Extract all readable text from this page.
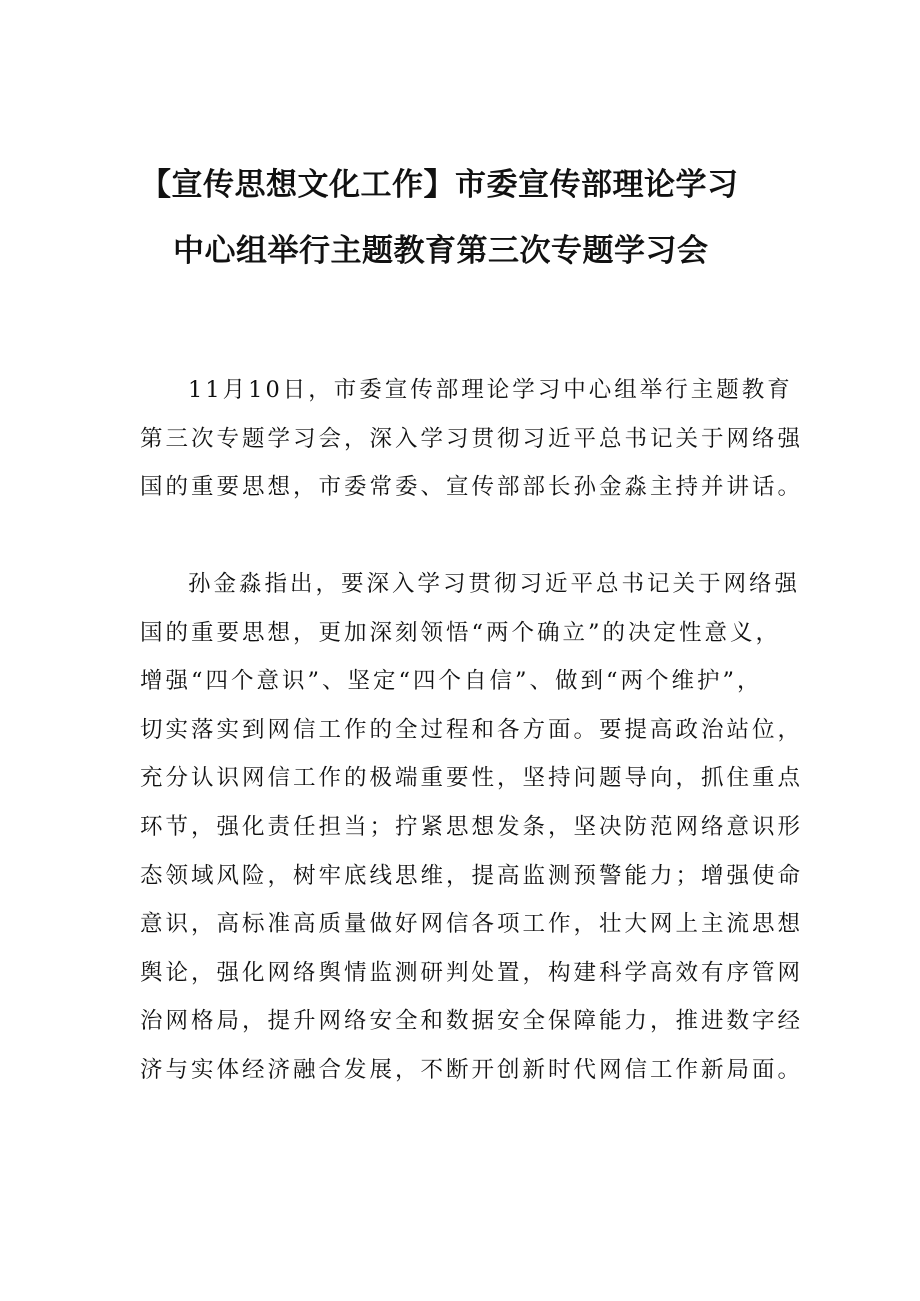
【宣传思想文化工作】市委宣传部理论学习
中心组举行主题教育第三次专题学习会

11月10日，市委宣传部理论学习中心组举行主题教育
第三次专题学习会，深入学习贯彻习近平总书记关于网络强
国的重要思想，市委常委、宣传部部长孙金淼主持并讲话。

孙金淼指出，要深入学习贯彻习近平总书记关于网络强
国的重要思想，更加深刻领悟“两个确立”的决定性意义，
增强“四个意识”、坚定“四个自信”、做到“两个维护”，
切实落实到网信工作的全过程和各方面。要提高政治站位，
充分认识网信工作的极端重要性，坚持问题导向，抓住重点
环节，强化责任担当；拧紧思想发条，坚决防范网络意识形
态领域风险，树牢底线思维，提高监测预警能力；增强使命
意识，高标准高质量做好网信各项工作，壮大网上主流思想
舆论，强化网络舆情监测研判处置，构建科学高效有序管网
治网格局，提升网络安全和数据安全保障能力，推进数字经
济与实体经济融合发展，不断开创新时代网信工作新局面。
